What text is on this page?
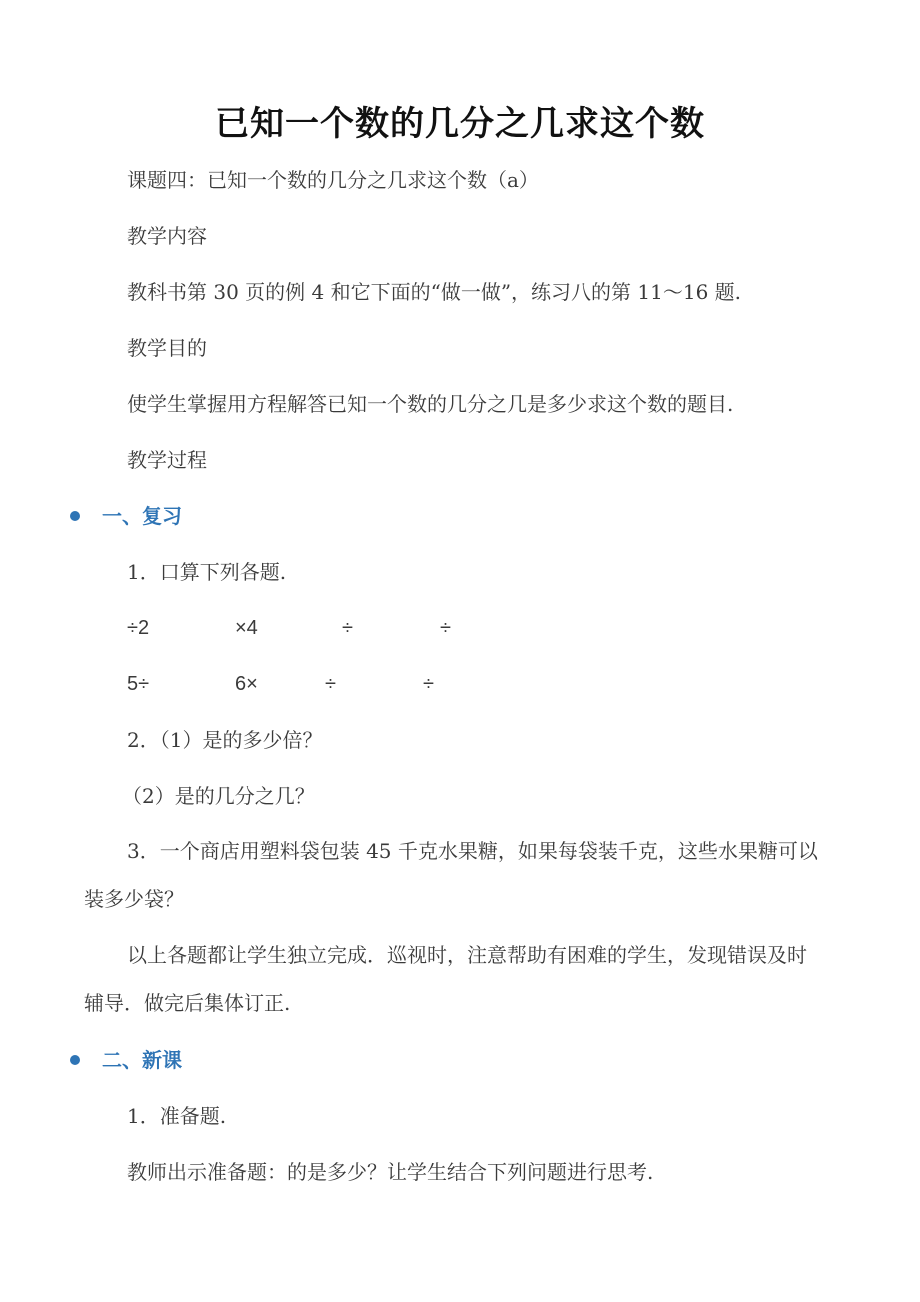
已知一个数的几分之几求这个数
课题四：已知一个数的几分之几求这个数（a）
教学内容
教科书第 30 页的例 4 和它下面的“做一做”，练习八的第 11～16 题.
教学目的
使学生掌握用方程解答已知一个数的几分之几是多少求这个数的题目.
教学过程
一、复习
1．口算下列各题.
÷2	×4	÷	÷
5÷	6×	÷	÷
2．（1）是的多少倍？
（2）是的几分之几？
3．一个商店用塑料袋包装 45 千克水果糖，如果每袋装千克，这些水果糖可以装多少袋？
以上各题都让学生独立完成．巡视时，注意帮助有困难的学生，发现错误及时辅导．做完后集体订正.
二、新课
1．准备题.
教师出示准备题：的是多少？让学生结合下列问题进行思考.
